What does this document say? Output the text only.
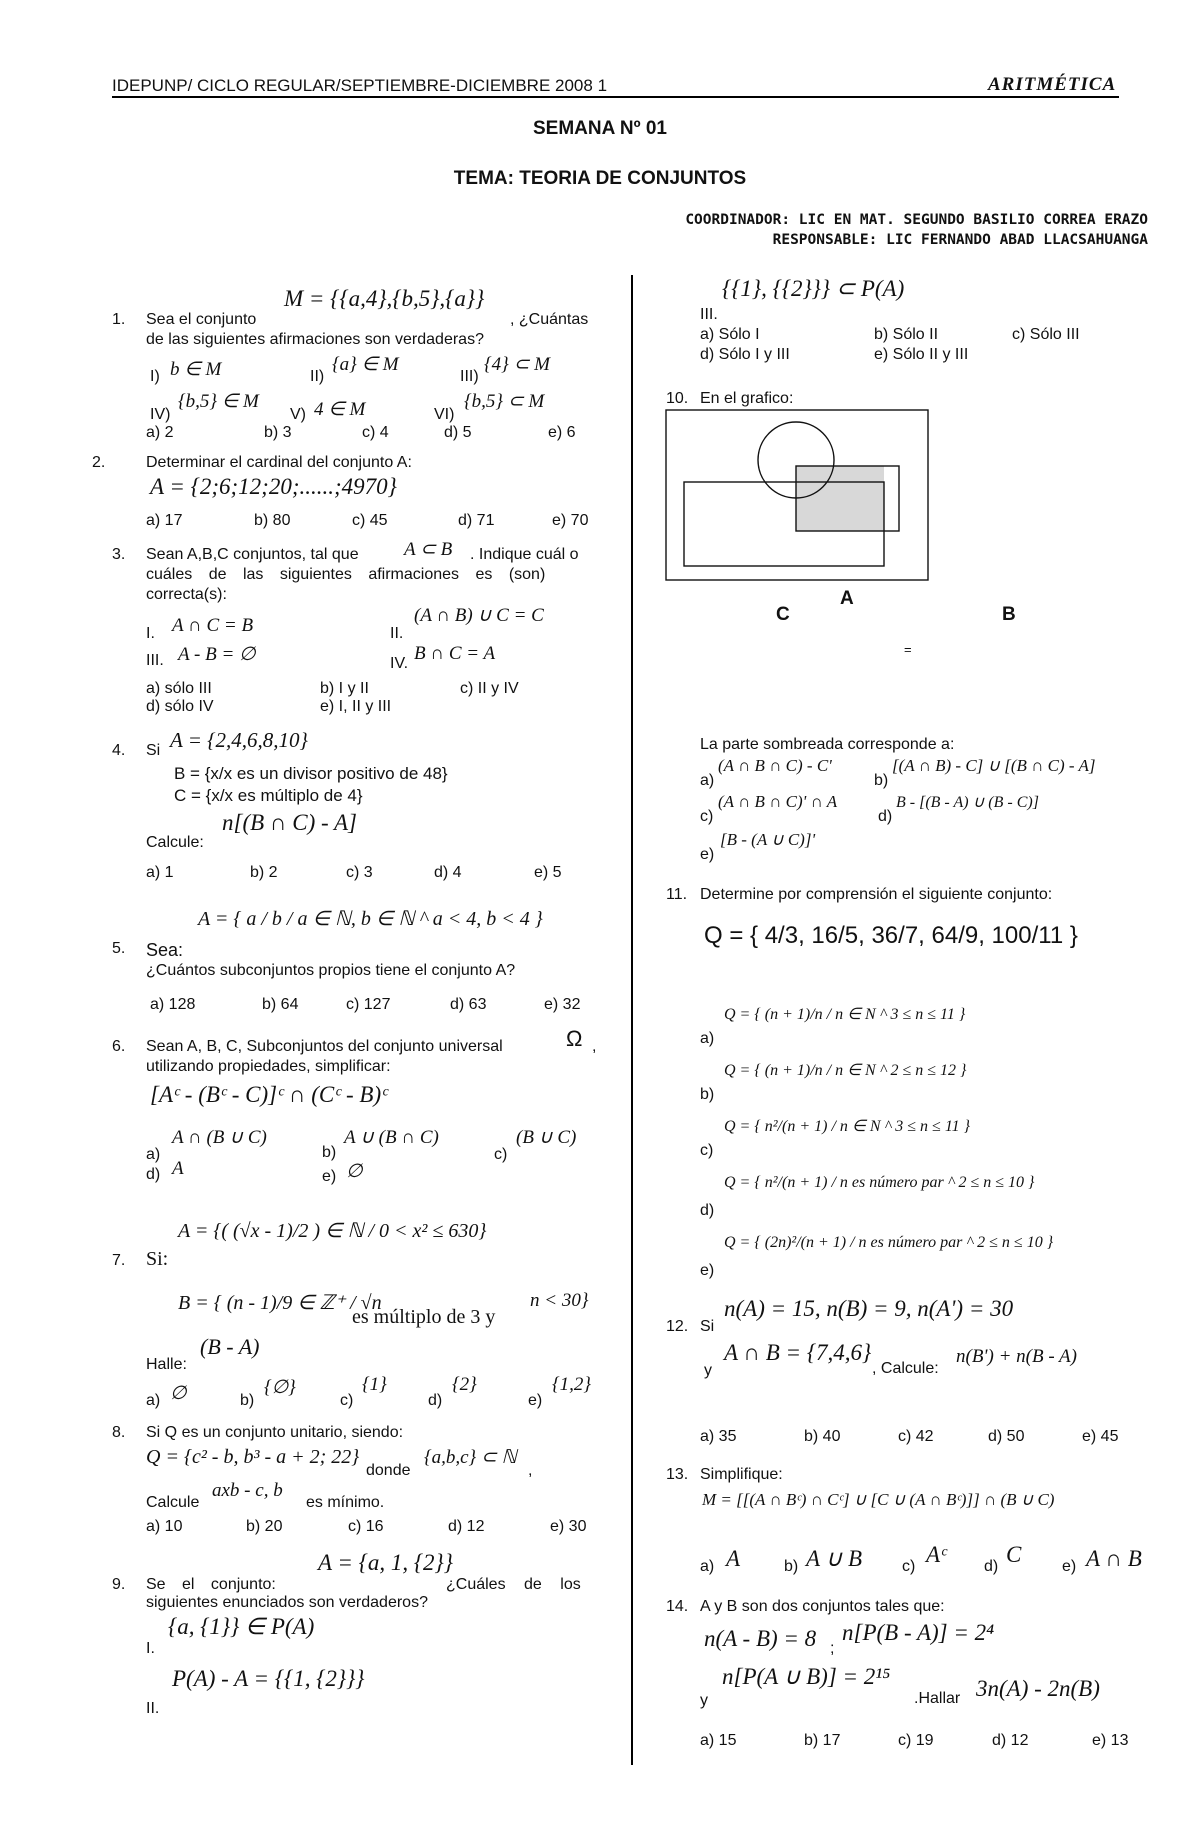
IDEPUNP/ CICLO REGULAR/SEPTIEMBRE-DICIEMBRE 2008 1	ARITMÉTICA
SEMANA Nº 01
TEMA: TEORIA DE CONJUNTOS
COORDINADOR: LIC EN MAT. SEGUNDO BASILIO CORREA ERAZO
RESPONSABLE: LIC FERNANDO ABAD LLACSAHUANGA
1. Sea el conjunto
M = {{a,4},{b,5},{a}}
, ¿Cuántas
de las siguientes afirmaciones son verdaderas?
I) b ∈ M	II)
{a} ∈ M
III)
{4} ⊂ M
IV)
{b,5} ∈ M
V) 4 ∈ M	VI)
{b,5} ⊂ M
a) 2	b) 3	c) 4	d) 5	e) 6
2.	Determinar el cardinal del conjunto A:
A = {2;6;12;20;......;4970}
a) 17	b) 80	c) 45	d) 71	e) 70
3. Sean A,B,C conjuntos, tal que A ⊂ B . Indique cuál o
cuáles de las siguientes afirmaciones es (son)
correcta(s):
I. A ∩ C = B	II.
(A ∩ B) ∪ C = C
III. A - B = ∅	IV. B ∩ C = A
a) sólo III	b) I y II	c) II y IV
d) sólo IV	e) I, II y III
4. Si A = {2,4,6,8,10}
B = {x/x es un divisor positivo de 48}
C = {x/x es múltiplo de 4}
n[(B ∩ C) - A]
Calcule:
a) 1	b) 2	c) 3	d) 4	e) 5
5. Sea:
A = { a / b / a ∈ ℕ, b ∈ ℕ ^ a < 4, b < 4 }
¿Cuántos subconjuntos propios tiene el conjunto A?
a) 128	b) 64	c) 127	d) 63	e) 32
6. Sean A, B, C, Subconjuntos del conjunto universal	Ω ,
utilizando propiedades, simplificar:
[Aᶜ - (Bᶜ - C)]ᶜ ∩ (Cᶜ - B)ᶜ
a)
A ∩ (B ∪ C)
b)
A ∪ (B ∩ C)
c)
(B ∪ C)
d) A	e) ∅
7. Si:
A = {( (√x - 1)/2 ) ∈ ℕ / 0 < x² ≤ 630}
B = { (n - 1)/9 ∈ ℤ⁺ / √n
es múltiplo de 3 y
n < 30}
Halle:
(B - A)
a) ∅	b)
{∅}
c)
{1}
d)
{2}
e)
{1,2}
8. Si Q es un conjunto unitario, siendo:
Q = {c² - b, b³ - a + 2; 22}
donde
{a,b,c} ⊂ ℕ
,
Calcule
axb - c, b
es mínimo.
a) 10	b) 20	c) 16	d) 12	e) 30
9. Se el conjunto:
A = {a, 1, {2}}
¿Cuáles de los
siguientes enunciados son verdaderos?
I.
{a, {1}} ∈ P(A)
II.
P(A) - A = {{1, {2}}}
III.
{{1}, {{2}}} ⊂ P(A)
a) Sólo I	b) Sólo II	c) Sólo III
d) Sólo I y III	e) Sólo II y III
10. En el grafico:
A
C	B
=
La parte sombreada corresponde a:
a)
(A ∩ B ∩ C) - C'
b)
[(A ∩ B) - C] ∪ [(B ∩ C) - A]
c)
(A ∩ B ∩ C)' ∩ A
d)
B - [(B - A) ∪ (B - C)]
e)
[B - (A ∪ C)]'
11. Determine por comprensión el siguiente conjunto:
Q = { 4/3, 16/5, 36/7, 64/9, 100/11 }
a)
Q = { (n + 1)/n / n ∈ N ^ 3 ≤ n ≤ 11 }
b)
Q = { (n + 1)/n / n ∈ N ^ 2 ≤ n ≤ 12 }
c)
Q = { n²/(n + 1) / n ∈ N ^ 3 ≤ n ≤ 11 }
d)
Q = { n²/(n + 1) / n es número par ^ 2 ≤ n ≤ 10 }
e)
Q = { (2n)²/(n + 1) / n es número par ^ 2 ≤ n ≤ 10 }
12. Si
n(A) = 15, n(B) = 9, n(A') = 30
y
A ∩ B = {7,4,6}
, Calcule:
n(B') + n(B - A)
a) 35	b) 40	c) 42	d) 50	e) 45
13. Simplifique:
M = [[(A ∩ Bᶜ) ∩ Cᶜ] ∪ [C ∪ (A ∩ Bᶜ)]] ∩ (B ∪ C)
a) A	b) A ∪ B c) Aᶜ d) C	e) A ∩ B
14. A y B son dos conjuntos tales que:
n(A - B) = 8 ;
n[P(B - A)] = 2⁴
y
n[P(A ∪ B)] = 2¹⁵
.Hallar 3n(A) - 2n(B)
a) 15	b) 17	c) 19	d) 12	e) 13
